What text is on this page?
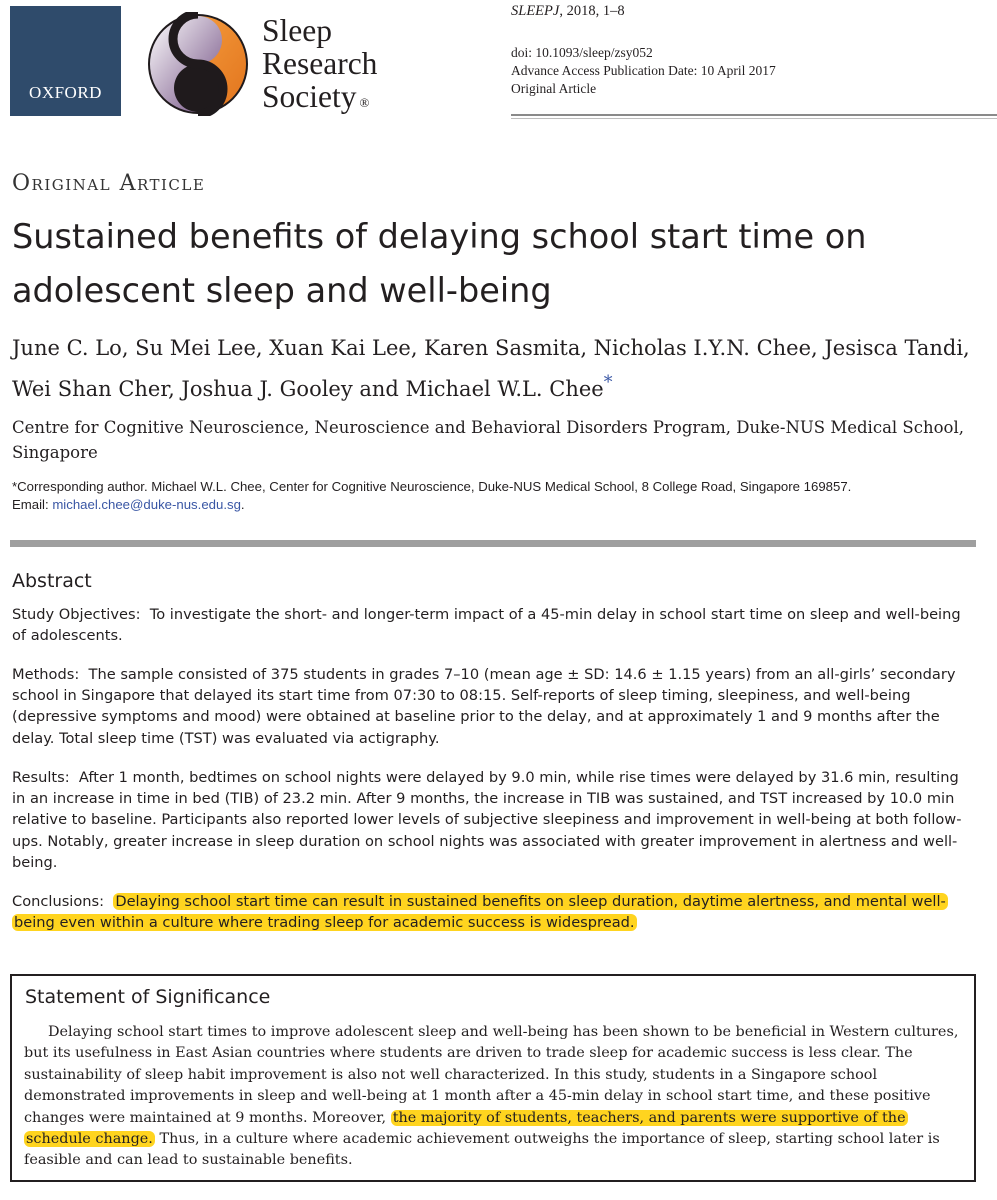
OXFORD
Sleep
Research
Society ®
SLEEPJ, 2018, 1–8
doi: 10.1093/sleep/zsy052
Advance Access Publication Date: 10 April 2017
Original Article
Original Article
Sustained benefits of delaying school start time on adolescent sleep and well-being
June C. Lo, Su Mei Lee, Xuan Kai Lee, Karen Sasmita, Nicholas I.Y.N. Chee, Jesisca Tandi, Wei Shan Cher, Joshua J. Gooley and Michael W.L. Chee*
Centre for Cognitive Neuroscience, Neuroscience and Behavioral Disorders Program, Duke-NUS Medical School, Singapore
*Corresponding author. Michael W.L. Chee, Center for Cognitive Neuroscience, Duke-NUS Medical School, 8 College Road, Singapore 169857.
Email: michael.chee@duke-nus.edu.sg.
Abstract

Study Objectives: To investigate the short- and longer-term impact of a 45-min delay in school start time on sleep and well-being of adolescents.

Methods: The sample consisted of 375 students in grades 7–10 (mean age ± SD: 14.6 ± 1.15 years) from an all-girls’ secondary school in Singapore that delayed its start time from 07:30 to 08:15. Self-reports of sleep timing, sleepiness, and well-being (depressive symptoms and mood) were obtained at baseline prior to the delay, and at approximately 1 and 9 months after the delay. Total sleep time (TST) was evaluated via actigraphy.

Results: After 1 month, bedtimes on school nights were delayed by 9.0 min, while rise times were delayed by 31.6 min, resulting in an increase in time in bed (TIB) of 23.2 min. After 9 months, the increase in TIB was sustained, and TST increased by 10.0 min relative to baseline. Participants also reported lower levels of subjective sleepiness and improvement in well-being at both follow-ups. Notably, greater increase in sleep duration on school nights was associated with greater improvement in alertness and well-being.

Conclusions: Delaying school start time can result in sustained benefits on sleep duration, daytime alertness, and mental well-being even within a culture where trading sleep for academic success is widespread.

Statement of Significance

Delaying school start times to improve adolescent sleep and well-being has been shown to be beneficial in Western cultures, but its usefulness in East Asian countries where students are driven to trade sleep for academic success is less clear. The sustainability of sleep habit improvement is also not well characterized. In this study, students in a Singapore school demonstrated improvements in sleep and well-being at 1 month after a 45-min delay in school start time, and these positive changes were maintained at 9 months. Moreover, the majority of students, teachers, and parents were supportive of the schedule change. Thus, in a culture where academic achievement outweighs the importance of sleep, starting school later is feasible and can lead to sustainable benefits.
